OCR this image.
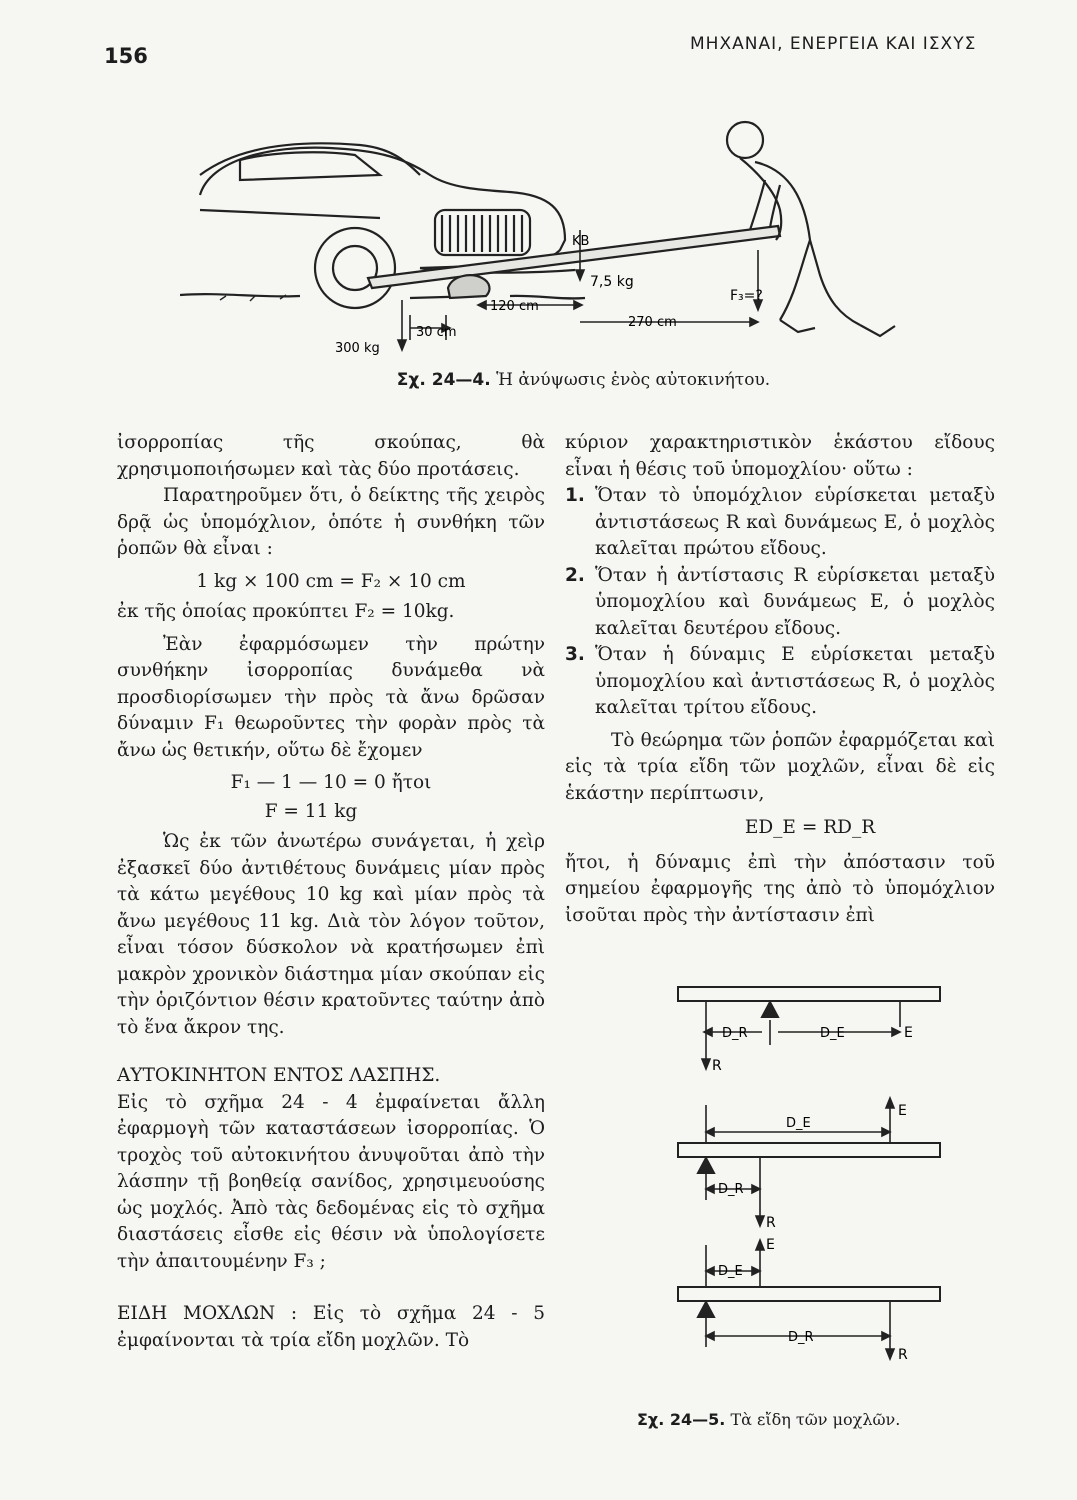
156	ΜΗΧΑΝΑΙ, ΕΝΕΡΓΕΙΑ ΚΑΙ ΙΣΧΥΣ
KB
7,5 kg
F₃=?
120 cm
270 cm
30 cm
300 kg
Σχ. 24—4. Ἡ ἀνύψωσις ἑνὸς αὐτοκινήτου.

ἰσορροπίας τῆς σκούπας, θὰ χρησιμοποιήσωμεν καὶ τὰς δύο προτάσεις.

Παρατηροῦμεν ὅτι, ὁ δείκτης τῆς χειρὸς δρᾷ ὡς ὑπομόχλιον, ὁπότε ἡ συνθήκη τῶν ῥοπῶν θὰ εἶναι :

1 kg × 100 cm = F₂ × 10 cm

ἐκ τῆς ὁποίας προκύπτει F₂ = 10kg.

Ἐὰν ἐφαρμόσωμεν τὴν πρώτην συνθήκην ἰσορροπίας δυνάμεθα νὰ προσδιορίσωμεν τὴν πρὸς τὰ ἄνω δρῶσαν δύναμιν F₁ θεωροῦντες τὴν φορὰν πρὸς τὰ ἄνω ὡς θετικήν, οὕτω δὲ ἔχομεν

F₁ — 1 — 10 = 0 ἤτοι

F = 11 kg

Ὡς ἐκ τῶν ἀνωτέρω συνάγεται, ἡ χεὶρ ἐξασκεῖ δύο ἀντιθέτους δυνάμεις μίαν πρὸς τὰ κάτω μεγέθους 10 kg καὶ μίαν πρὸς τὰ ἄνω μεγέθους 11 kg. Διὰ τὸν λόγον τοῦτον, εἶναι τόσον δύσκολον νὰ κρατήσωμεν ἐπὶ μακρὸν χρονικὸν διάστημα μίαν σκούπαν εἰς τὴν ὁριζόντιον θέσιν κρατοῦντες ταύτην ἀπὸ τὸ ἕνα ἄκρον της.

ΑΥΤΟΚΙΝΗΤΟΝ ΕΝΤΟΣ ΛΑΣΠΗΣ.

Εἰς τὸ σχῆμα 24 - 4 ἐμφαίνεται ἄλλη ἐφαρμογὴ τῶν καταστάσεων ἰσορροπίας. Ὁ τροχὸς τοῦ αὐτοκινήτου ἀνυψοῦται ἀπὸ τὴν λάσπην τῇ βοηθείᾳ σανίδος, χρησιμευούσης ὡς μοχλός. Ἀπὸ τὰς δεδομένας εἰς τὸ σχῆμα διαστάσεις εἶσθε εἰς θέσιν νὰ ὑπολογίσετε τὴν ἀπαιτουμένην F₃ ;

ΕΙΔΗ ΜΟΧΛΩΝ : Εἰς τὸ σχῆμα 24 - 5 ἐμφαίνονται τὰ τρία εἴδη μοχλῶν. Τὸ

κύριον χαρακτηριστικὸν ἑκάστου εἴδους εἶναι ἡ θέσις τοῦ ὑπομοχλίου· οὕτω :

1. Ὅταν τὸ ὑπομόχλιον εὑρίσκεται μεταξὺ ἀντιστάσεως R καὶ δυνάμεως E, ὁ μοχλὸς καλεῖται πρώτου εἴδους.
2. Ὅταν ἡ ἀντίστασις R εὑρίσκεται μεταξὺ ὑπομοχλίου καὶ δυνάμεως E, ὁ μοχλὸς καλεῖται δευτέρου εἴδους.
3. Ὅταν ἡ δύναμις E εὑρίσκεται μεταξὺ ὑπομοχλίου καὶ ἀντιστάσεως R, ὁ μοχλὸς καλεῖται τρίτου εἴδους.

Τὸ θεώρημα τῶν ῥοπῶν ἐφαρμόζεται καὶ εἰς τὰ τρία εἴδη τῶν μοχλῶν, εἶναι δὲ εἰς ἑκάστην περίπτωσιν,

ED_E = RD_R

ἤτοι, ἡ δύναμις ἐπὶ τὴν ἀπόστασιν τοῦ σημείου ἐφαρμογῆς της ἀπὸ τὸ ὑπομόχλιον ἰσοῦται πρὸς τὴν ἀντίστασιν ἐπὶ

D_R	D_E	E
R
D_E
E
D_R
R
E
D_E
D_R
R
Σχ. 24—5. Τὰ εἴδη τῶν μοχλῶν.
